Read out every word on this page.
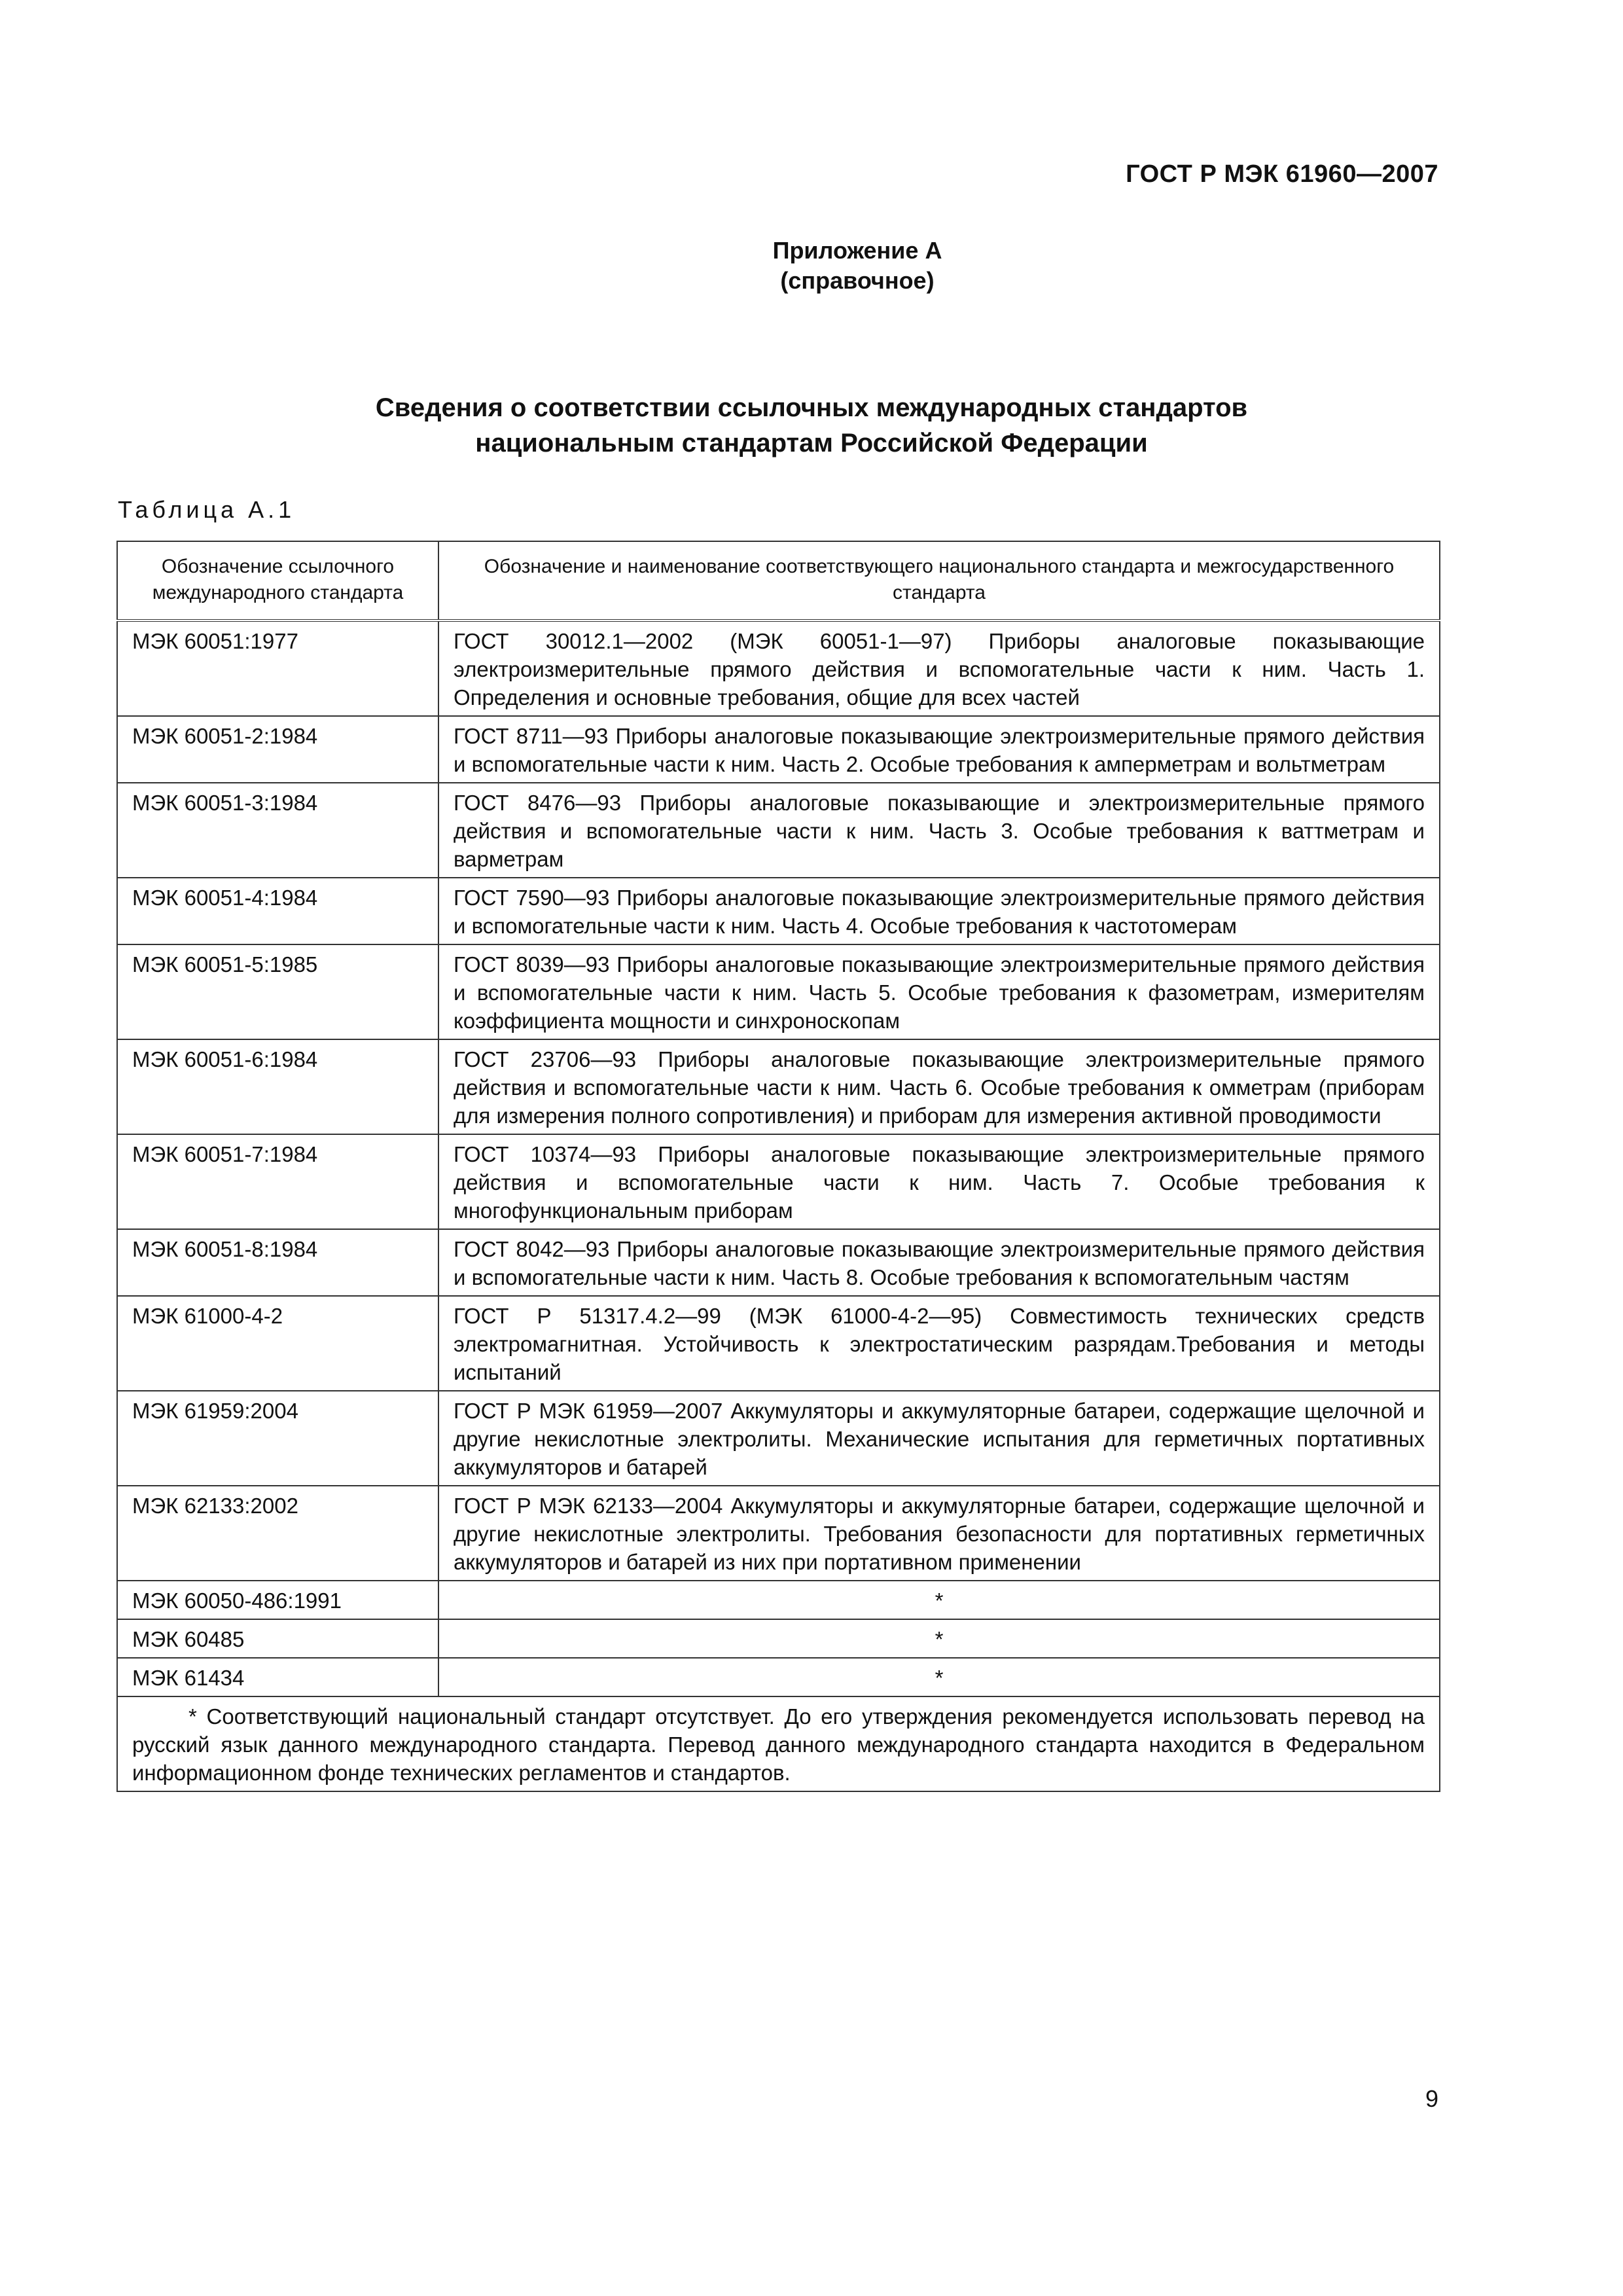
ГОСТ Р МЭК 61960—2007
Приложение А
(справочное)
Сведения о соответствии ссылочных международных стандартов
национальным стандартам Российской Федерации
Таблица А.1
Обозначение ссылочного международного стандарта	Обозначение и наименование соответствующего национального стандарта и межгосударственного стандарта
МЭК 60051:1977	ГОСТ 30012.1—2002 (МЭК 60051-1—97) Приборы аналоговые показывающие электроизмерительные прямого действия и вспомогательные части к ним. Часть 1. Определения и основные требования, общие для всех частей
МЭК 60051-2:1984	ГОСТ 8711—93 Приборы аналоговые показывающие электроизмерительные прямого действия и вспомогательные части к ним. Часть 2. Особые требования к амперметрам и вольтметрам
МЭК 60051-3:1984	ГОСТ 8476—93 Приборы аналоговые показывающие и электроизмерительные прямого действия и вспомогательные части к ним. Часть 3. Особые требования к ваттметрам и варметрам
МЭК 60051-4:1984	ГОСТ 7590—93 Приборы аналоговые показывающие электроизмерительные прямого действия и вспомогательные части к ним. Часть 4. Особые требования к частотомерам
МЭК 60051-5:1985	ГОСТ 8039—93 Приборы аналоговые показывающие электроизмерительные прямого действия и вспомогательные части к ним. Часть 5. Особые требования к фазометрам, измерителям коэффициента мощности и синхроноскопам
МЭК 60051-6:1984	ГОСТ 23706—93 Приборы аналоговые показывающие электроизмерительные прямого действия и вспомогательные части к ним. Часть 6. Особые требования к омметрам (приборам для измерения полного сопротивления) и приборам для измерения активной проводимости
МЭК 60051-7:1984	ГОСТ 10374—93 Приборы аналоговые показывающие электроизмерительные прямого действия и вспомогательные части к ним. Часть 7. Особые требования к многофункциональным приборам
МЭК 60051-8:1984	ГОСТ 8042—93 Приборы аналоговые показывающие электроизмерительные прямого действия и вспомогательные части к ним. Часть 8. Особые требования к вспомогательным частям
МЭК 61000-4-2	ГОСТ Р 51317.4.2—99 (МЭК 61000-4-2—95) Совместимость технических средств электромагнитная. Устойчивость к электростатическим разрядам.Требования и методы испытаний
МЭК 61959:2004	ГОСТ Р МЭК 61959—2007 Аккумуляторы и аккумуляторные батареи, содержащие щелочной и другие некислотные электролиты. Механические испытания для герметичных портативных аккумуляторов и батарей
МЭК 62133:2002	ГОСТ Р МЭК 62133—2004 Аккумуляторы и аккумуляторные батареи, содержащие щелочной и другие некислотные электролиты. Требования безопасности для портативных герметичных аккумуляторов и батарей из них при портативном применении
МЭК 60050-486:1991	*
МЭК 60485	*
МЭК 61434	*
* Соответствующий национальный стандарт отсутствует. До его утверждения рекомендуется использовать перевод на русский язык данного международного стандарта. Перевод данного международного стандарта находится в Федеральном информационном фонде технических регламентов и стандартов.	
9
